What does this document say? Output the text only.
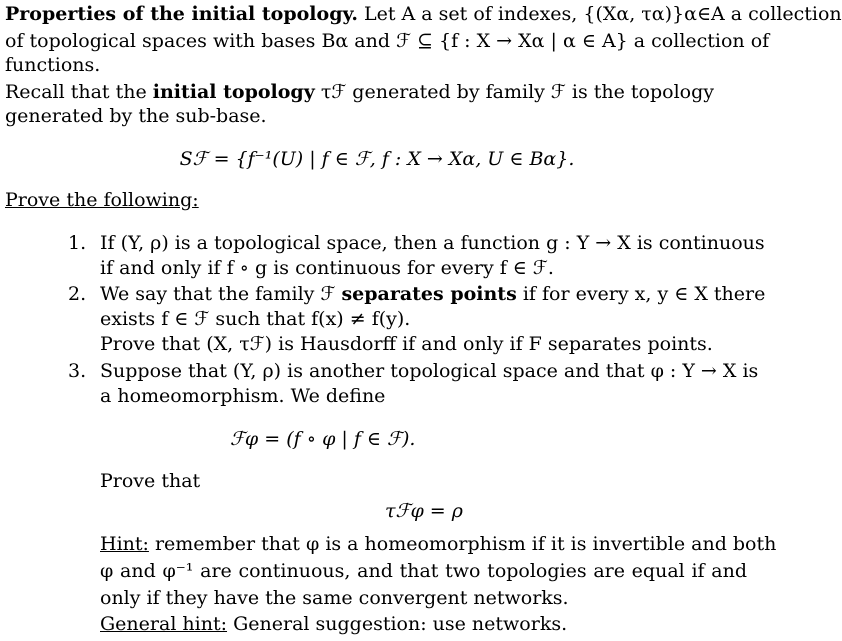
Properties of the initial topology. Let A a set of indexes, {(Xα, τα)}α∈A a collection
of topological spaces with bases Bα and ℱ ⊆ {f : X → Xα | α ∈ A} a collection of
functions.
Recall that the initial topology τℱ generated by family ℱ is the topology
generated by the sub-base.
Sℱ = {f⁻¹(U) | f ∈ ℱ, f : X → Xα, U ∈ Bα}.
Prove the following:
1. If (Y, ρ) is a topological space, then a function g : Y → X is continuous
if and only if f ∘ g is continuous for every f ∈ ℱ.
2. We say that the family ℱ separates points if for every x, y ∈ X there
exists f ∈ ℱ such that f(x) ≠ f(y).
Prove that (X, τℱ) is Hausdorff if and only if F separates points.
3. Suppose that (Y, ρ) is another topological space and that φ : Y → X is
a homeomorphism. We define
ℱφ = (f ∘ φ | f ∈ ℱ).
Prove that
τℱφ = ρ
Hint: remember that φ is a homeomorphism if it is invertible and both
φ and φ⁻¹ are continuous, and that two topologies are equal if and
only if they have the same convergent networks.
General hint: General suggestion: use networks.
